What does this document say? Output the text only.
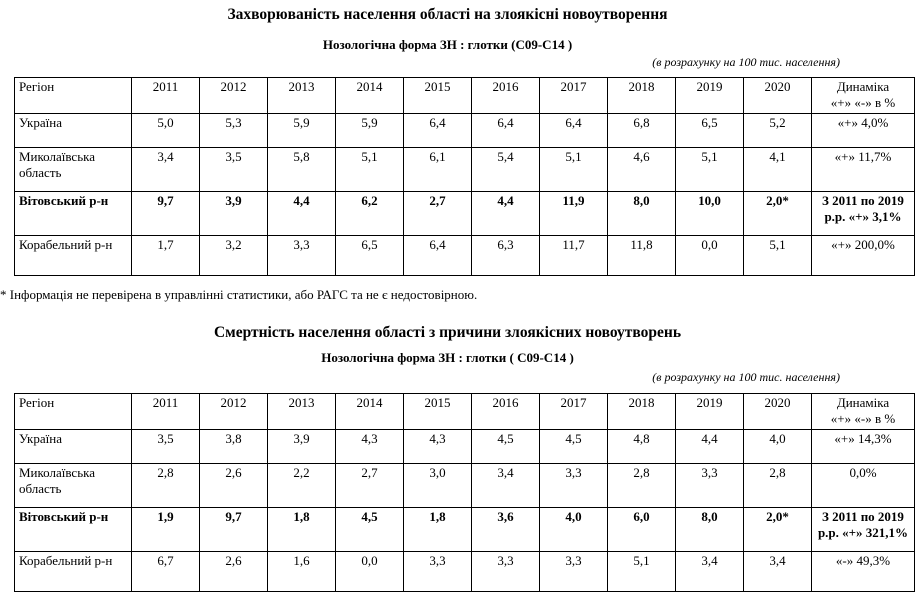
Захворюваність населення області на злоякісні новоутворення
Нозологічна форма ЗН : глотки (C09-C14 )
(в розрахунку на 100 тис. населення)
Регіон	2011	2012	2013	2014	2015	2016	2017	2018	2019	2020	Динаміка
«+» «-» в %

Україна	5,0	5,3	5,9	5,9	6,4	6,4	6,4	6,8	6,5	5,2	«+» 4,0%

Миколаївська
область	3,4	3,5	5,8	5,1	6,1	5,4	5,1	4,6	5,1	4,1	«+» 11,7%

Вітовський р-н	9,7	3,9	4,4	6,2	2,7	4,4	11,9	8,0	10,0	2,0*	З 2011 по 2019
р.р. «+» 3,1%

Корабельний р-н	1,7	3,2	3,3	6,5	6,4	6,3	11,7	11,8	0,0	5,1	«+» 200,0%
* Інформація не перевірена в управлінні статистики, або РАГС та не є недостовірною.
Смертність населення області з причини злоякісних новоутворень
Нозологічна форма ЗН : глотки ( C09-C14 )
(в розрахунку на 100 тис. населення)
Регіон	2011	2012	2013	2014	2015	2016	2017	2018	2019	2020	Динаміка
«+» «-» в %

Україна	3,5	3,8	3,9	4,3	4,3	4,5	4,5	4,8	4,4	4,0	«+» 14,3%

Миколаївська
область	2,8	2,6	2,2	2,7	3,0	3,4	3,3	2,8	3,3	2,8	0,0%

Вітовський р-н	1,9	9,7	1,8	4,5	1,8	3,6	4,0	6,0	8,0	2,0*	З 2011 по 2019
р.р. «+» 321,1%

Корабельний р-н	6,7	2,6	1,6	0,0	3,3	3,3	3,3	5,1	3,4	3,4	«-» 49,3%
